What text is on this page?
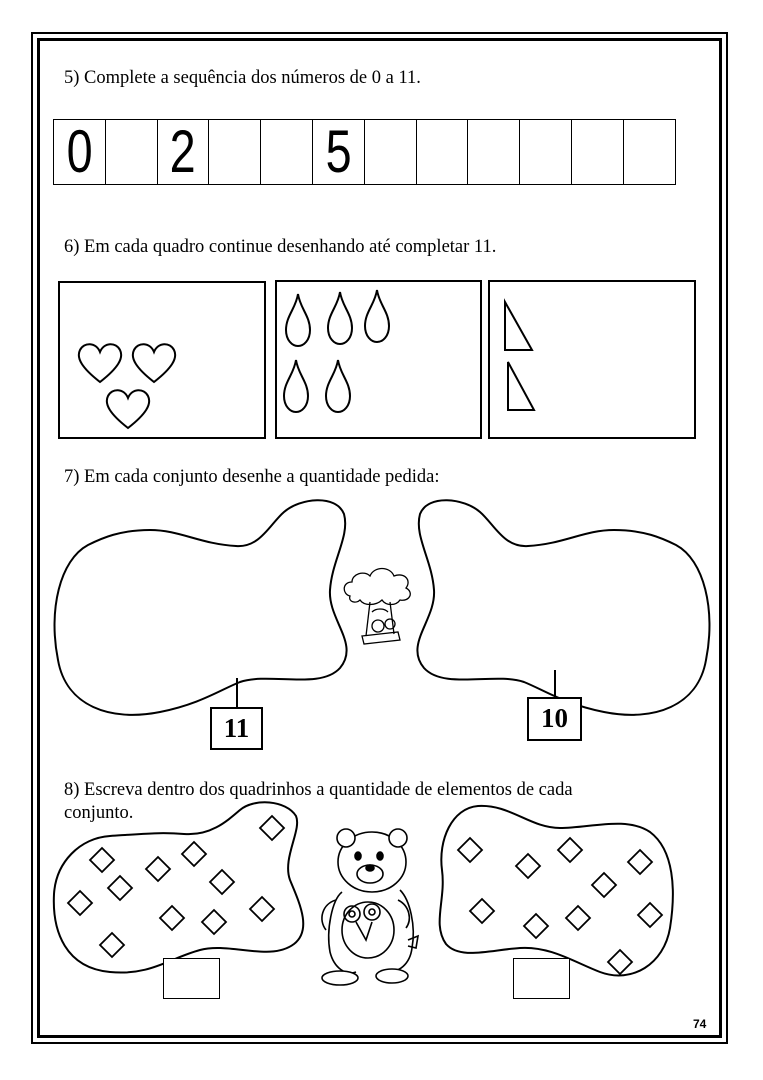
5) Complete a sequência dos números de 0 a 11.
0 2 5
6) Em cada quadro continue desenhando até completar 11.
7) Em cada conjunto desenhe a quantidade pedida:
8) Escreva dentro dos quadrinhos a quantidade de elementos de cada
conjunto.
11	10
74
